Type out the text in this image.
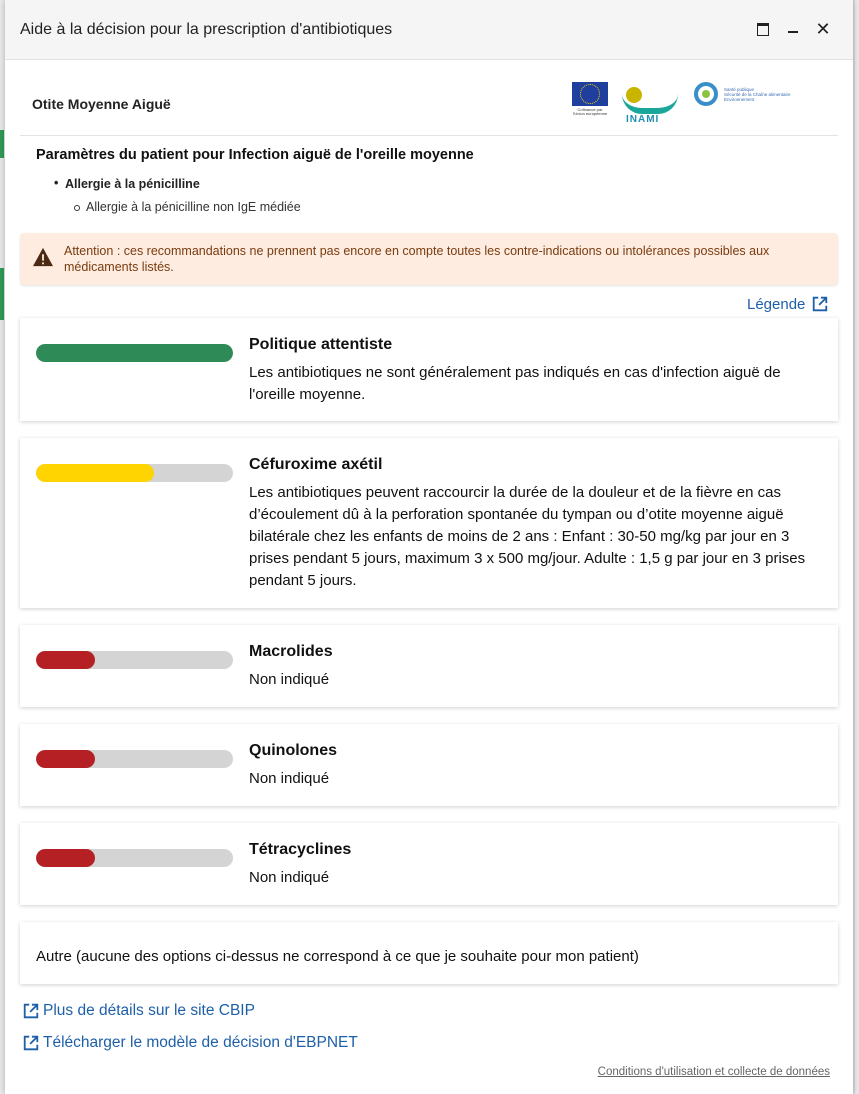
Aide à la décision pour la prescription d'antibiotiques	✕
Otite Moyenne Aiguë	Cofinancé par l'Union européenne
INAMI
Santé publique
Sécurité de la Chaîne alimentaire
Environnement
Paramètres du patient pour Infection aiguë de l'oreille moyenne
• Allergie à la pénicilline
Allergie à la pénicilline non IgE médiée
Attention : ces recommandations ne prennent pas encore en compte toutes les contre-indications ou intolérances possibles aux médicaments listés.
Légende
Politique attentiste
Les antibiotiques ne sont généralement pas indiqués en cas d'infection aiguë de l'oreille moyenne.
Céfuroxime axétil
Les antibiotiques peuvent raccourcir la durée de la douleur et de la fièvre en cas d’écoulement dû à la perforation spontanée du tympan ou d’otite moyenne aiguë bilatérale chez les enfants de moins de 2 ans : Enfant : 30-50 mg/kg par jour en 3 prises pendant 5 jours, maximum 3 x 500 mg/jour. Adulte : 1,5 g par jour en 3 prises pendant 5 jours.
Macrolides
Non indiqué
Quinolones
Non indiqué
Tétracyclines
Non indiqué
Autre (aucune des options ci-dessus ne correspond à ce que je souhaite pour mon patient)
Plus de détails sur le site CBIP
Télécharger le modèle de décision d'EBPNET
Conditions d'utilisation et collecte de données
